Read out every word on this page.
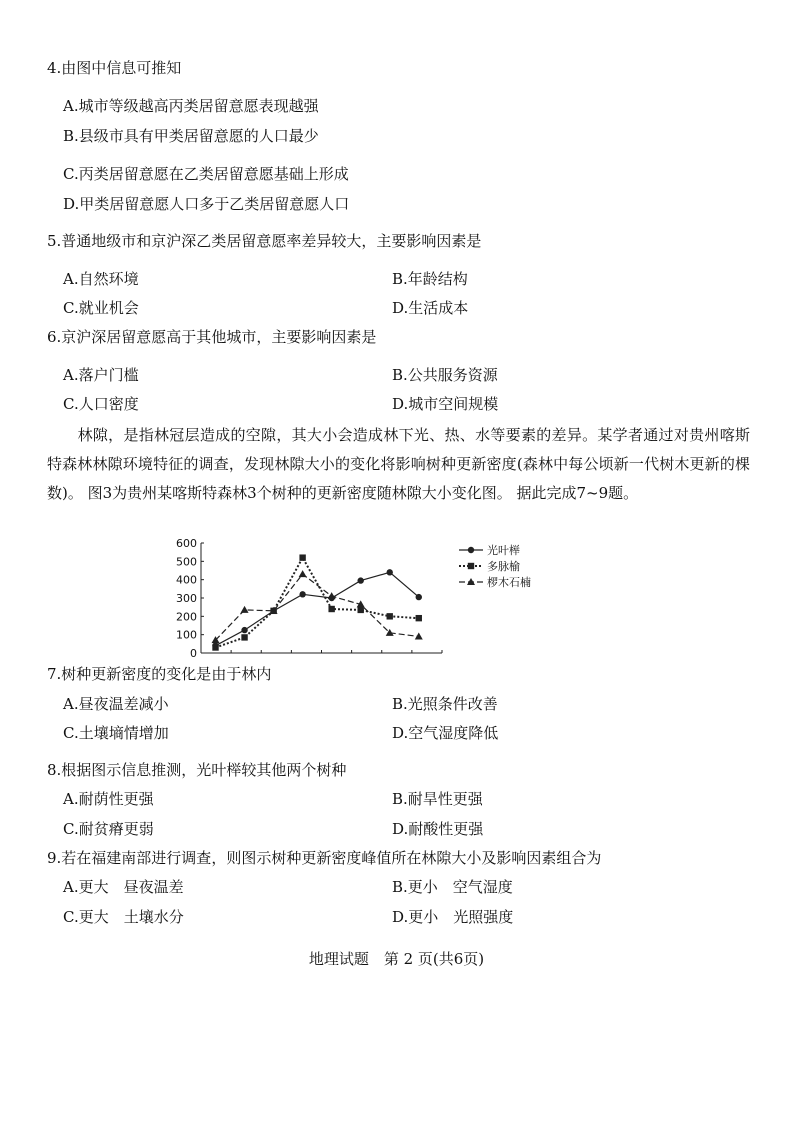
4.由图中信息可推知
A.城市等级越高丙类居留意愿表现越强
B.县级市具有甲类居留意愿的人口最少
C.丙类居留意愿在乙类居留意愿基础上形成
D.甲类居留意愿人口多于乙类居留意愿人口
5.普通地级市和京沪深乙类居留意愿率差异较大，主要影响因素是
A.自然环境	B.年龄结构
C.就业机会	D.生活成本
6.京沪深居留意愿高于其他城市，主要影响因素是
A.落户门槛	B.公共服务资源
C.人口密度	D.城市空间规模
　　林隙，是指林冠层造成的空隙，其大小会造成林下光、热、水等要素的差异。某学者通过对贵州喀斯特森林林隙环境特征的调查，发现林隙大小的变化将影响树种更新密度(森林中每公顷新一代树木更新的棵数)。 图3为贵州某喀斯特森林3个树种的更新密度随林隙大小变化图。 据此完成7~9题。
0
100
200
300
400
500
600
光叶榉
多脉榆
椤木石楠
7.树种更新密度的变化是由于林内
A.昼夜温差减小	B.光照条件改善
C.土壤墒情增加	D.空气湿度降低
8.根据图示信息推测，光叶榉较其他两个树种
A.耐荫性更强	B.耐旱性更强
C.耐贫瘠更弱	D.耐酸性更强
9.若在福建南部进行调查，则图示树种更新密度峰值所在林隙大小及影响因素组合为
A.更大　昼夜温差	B.更小　空气湿度
C.更大　土壤水分	D.更小　光照强度
地理试题　第 2 页(共6页)
